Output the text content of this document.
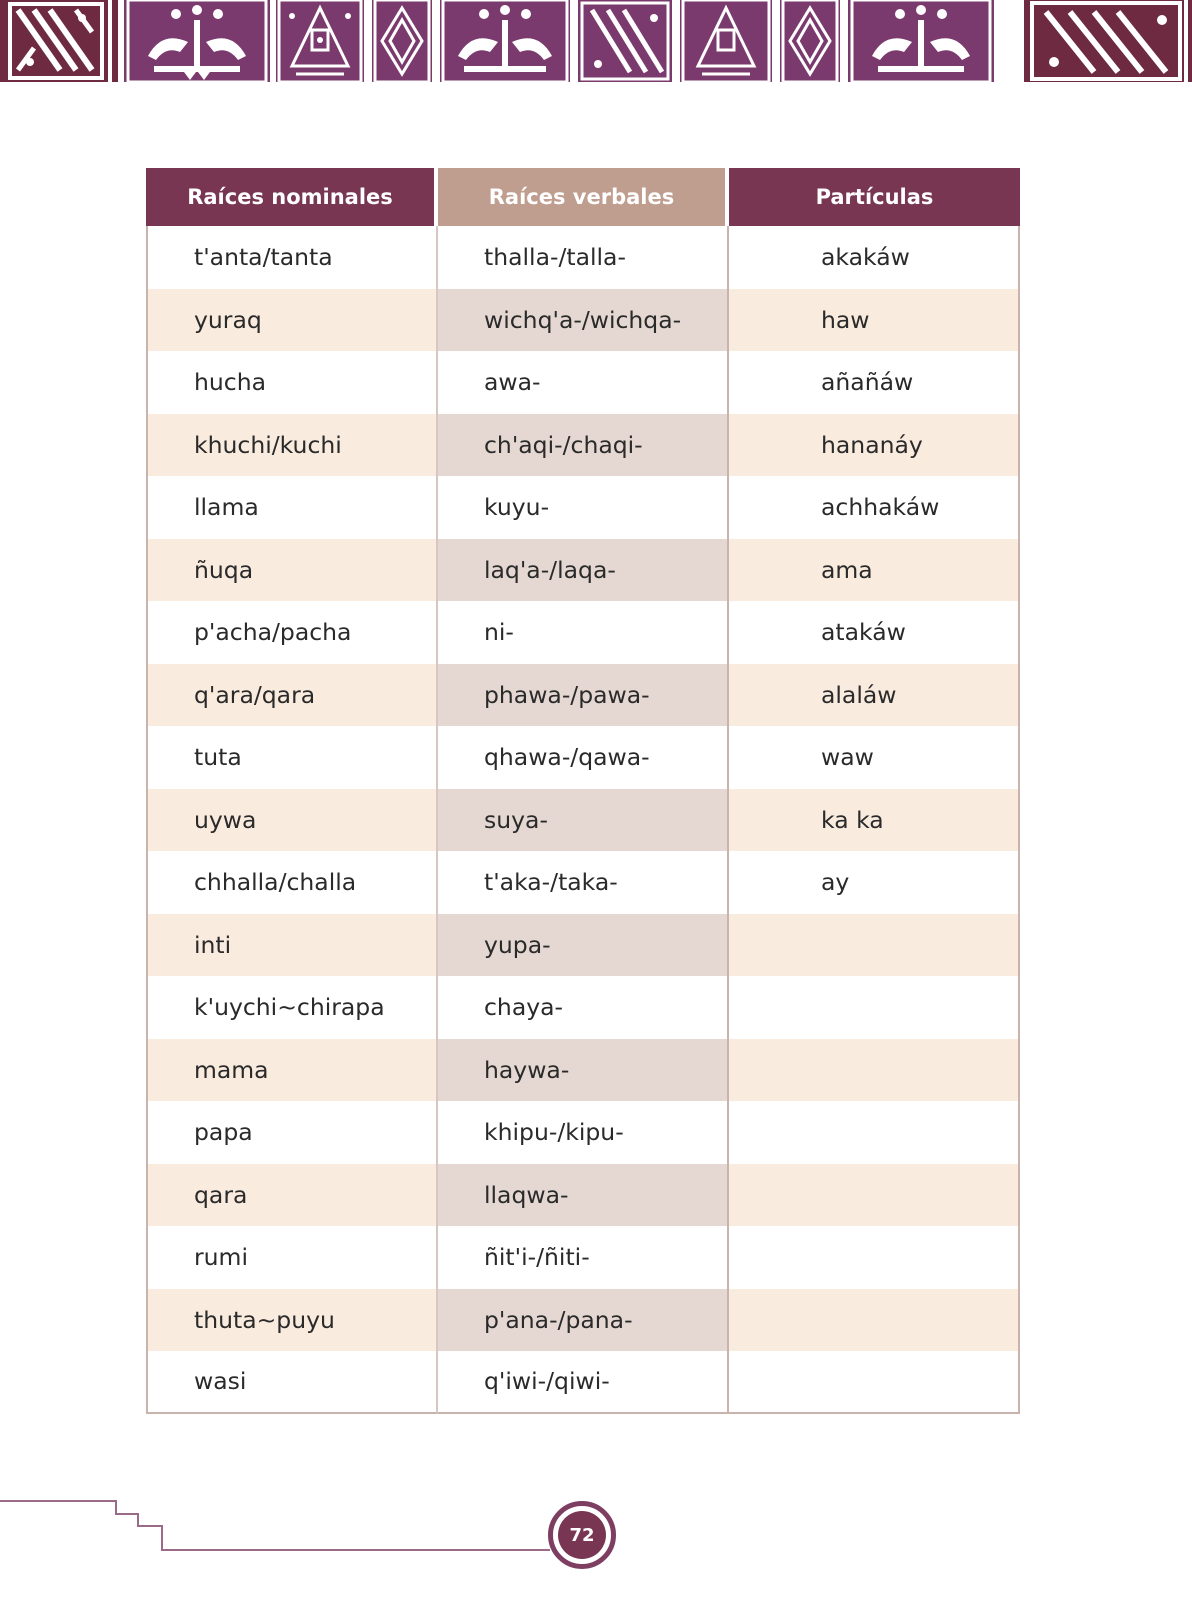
Raíces nominales	Raíces verbales	Partículas
t'anta/tanta	thalla-/talla-	akakáw
yuraq	wichq'a-/wichqa-	haw
hucha	awa-	añañáw
khuchi/kuchi	ch'aqi-/chaqi-	hananáy
llama	kuyu-	achhakáw
ñuqa	laq'a-/laqa-	ama
p'acha/pacha	ni-	atakáw
q'ara/qara	phawa-/pawa-	alaláw
tuta	qhawa-/qawa-	waw
uywa	suya-	ka ka
chhalla/challa	t'aka-/taka-	ay
inti	yupa-	
k'uychi~chirapa	chaya-	
mama	haywa-	
papa	khipu-/kipu-	
qara	llaqwa-	
rumi	ñit'i-/ñiti-	
thuta~puyu	p'ana-/pana-	
wasi	q'iwi-/qiwi-	
72
